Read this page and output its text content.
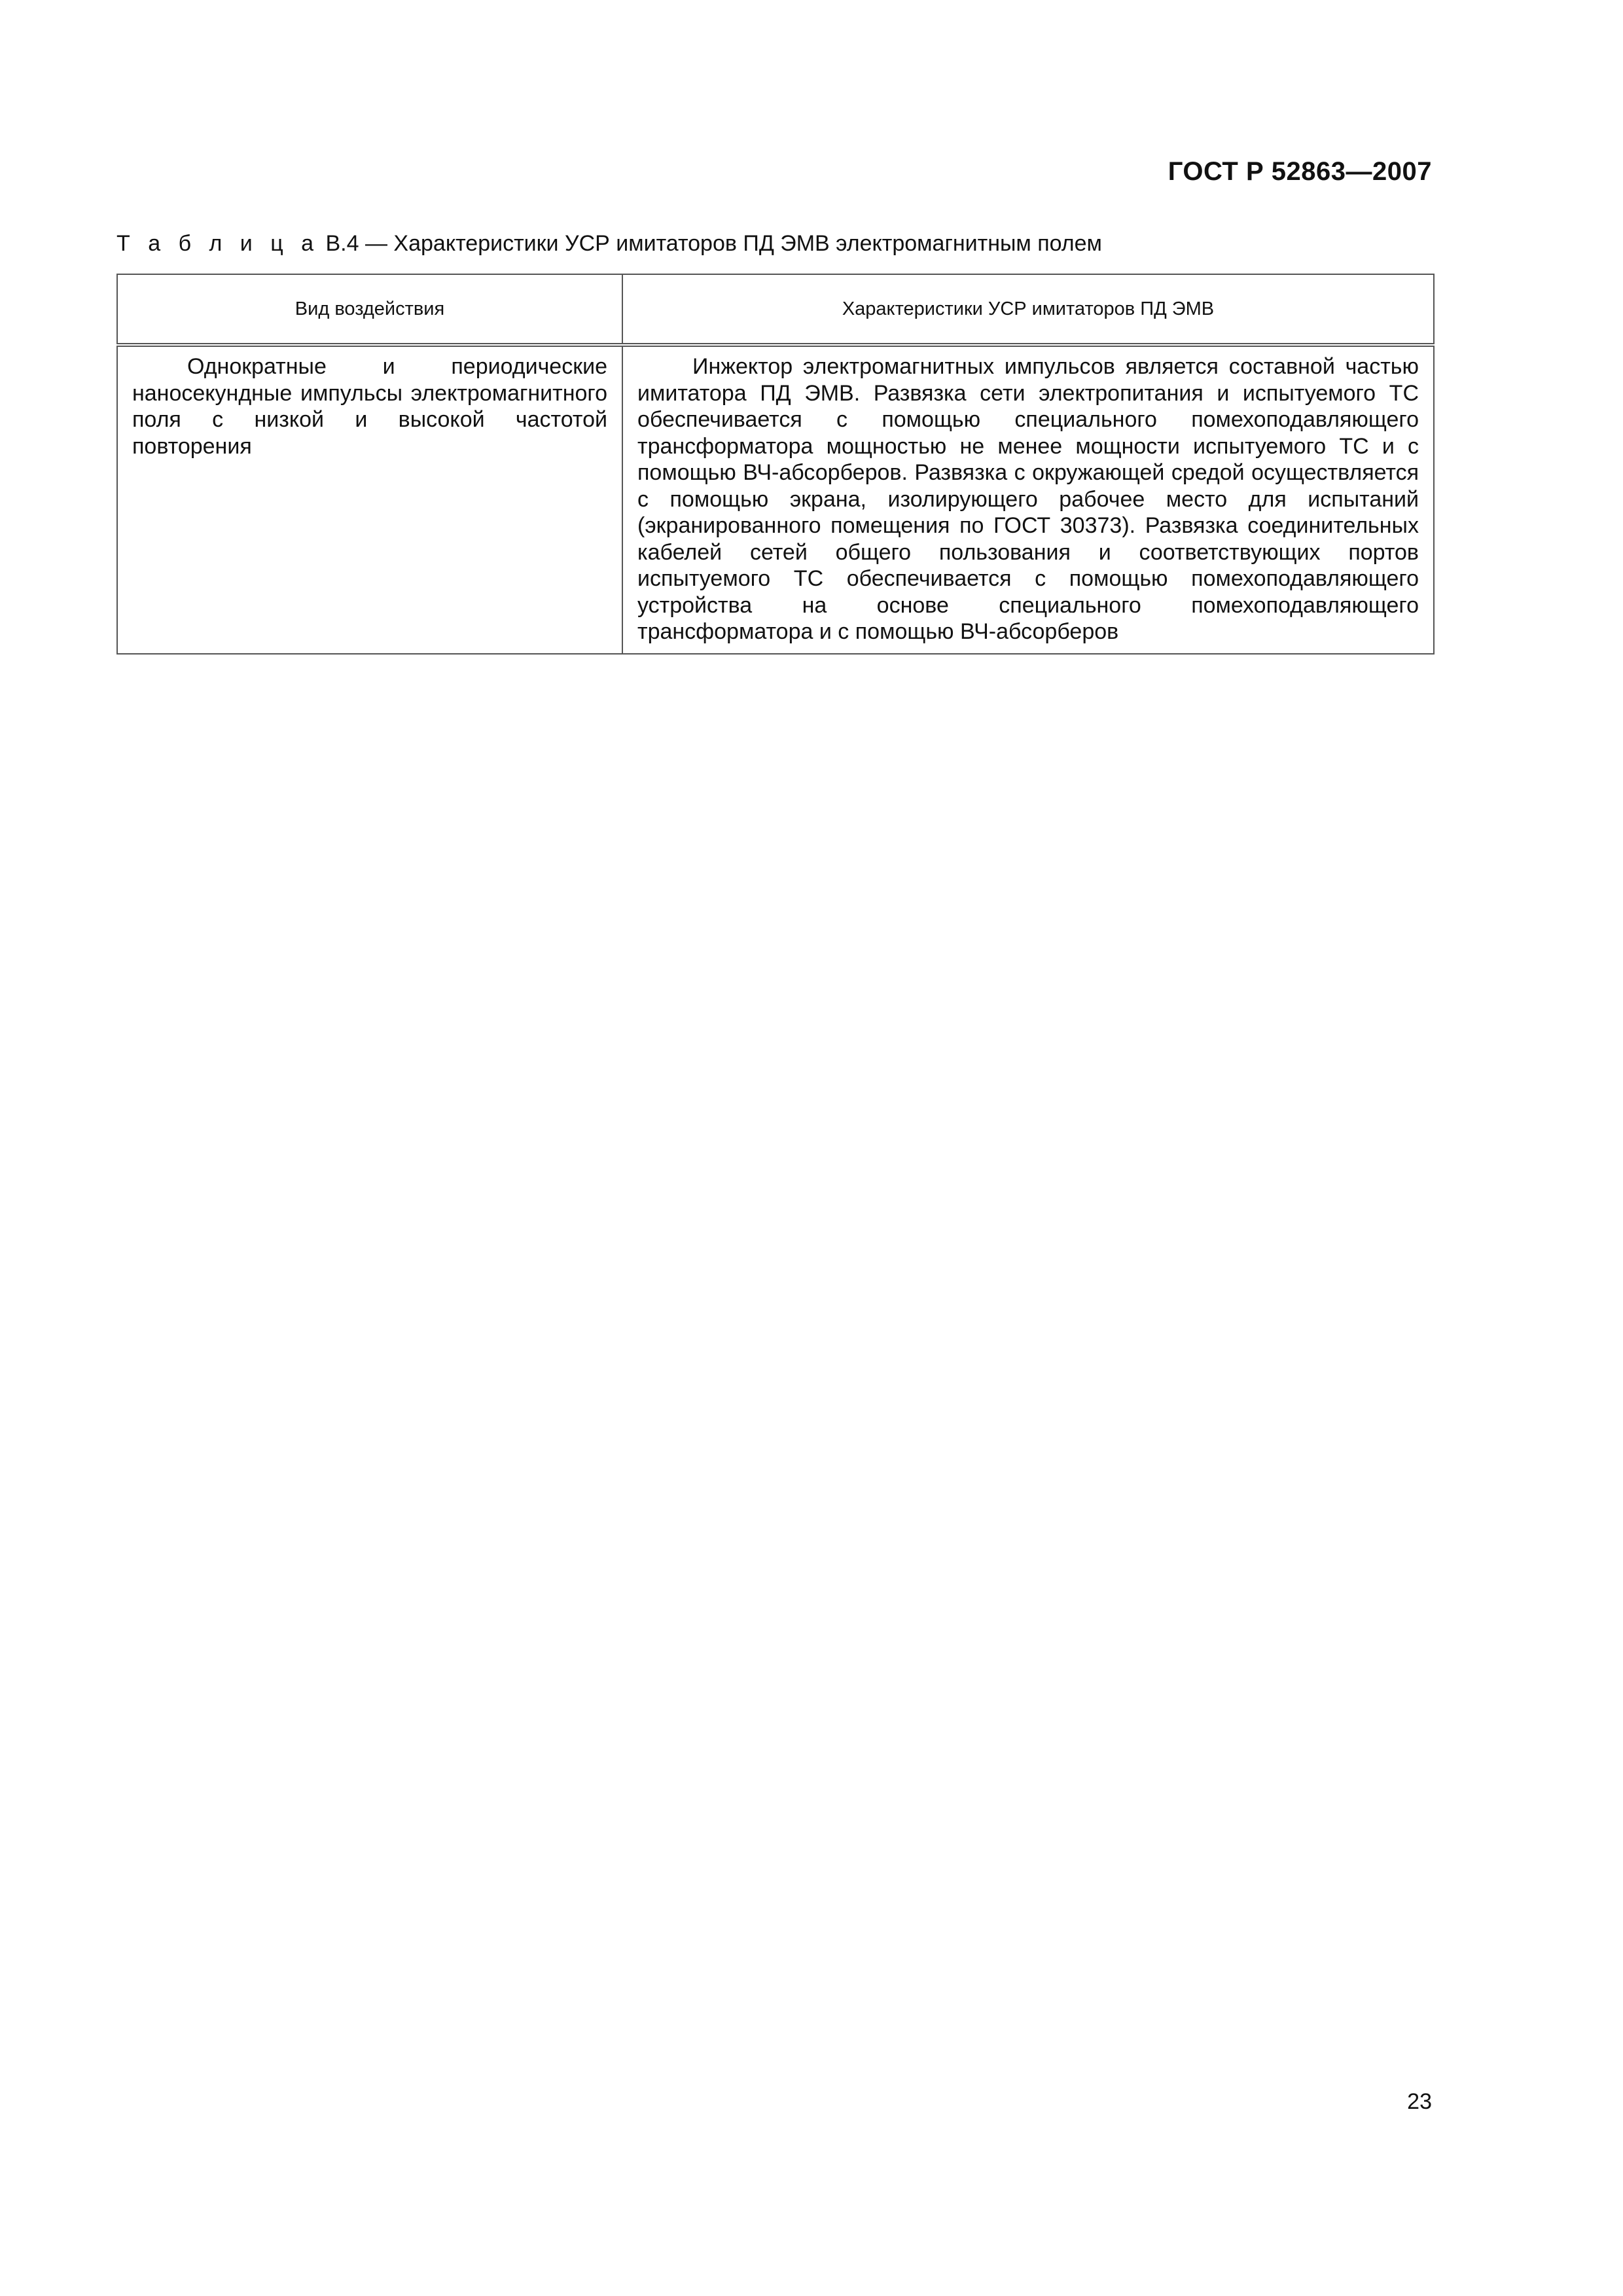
ГОСТ Р 52863—2007
Т а б л и ц а В.4 — Характеристики УСР имитаторов ПД ЭМВ электромагнитным полем
Вид воздействия	Характеристики УСР имитаторов ПД ЭМВ

Однократные и периодические наносекундные импульсы электромагнитного поля с низкой и высокой частотой повторения	Инжектор электромагнитных импульсов является составной частью имитатора ПД ЭМВ. Развязка сети электропитания и испытуемого ТС обеспечивается с помощью специального помехоподавляющего трансформатора мощностью не менее мощности испытуемого ТС и с помощью ВЧ-абсорберов. Развязка с окружающей средой осуществляется с помощью экрана, изолирующего рабочее место для испытаний (экранированного помещения по ГОСТ 30373). Развязка соединительных кабелей сетей общего пользования и соответствующих портов испытуемого ТС обеспечивается с помощью помехоподавляющего устройства на основе специального помехоподавляющего трансформатора и с помощью ВЧ-абсорберов

23
